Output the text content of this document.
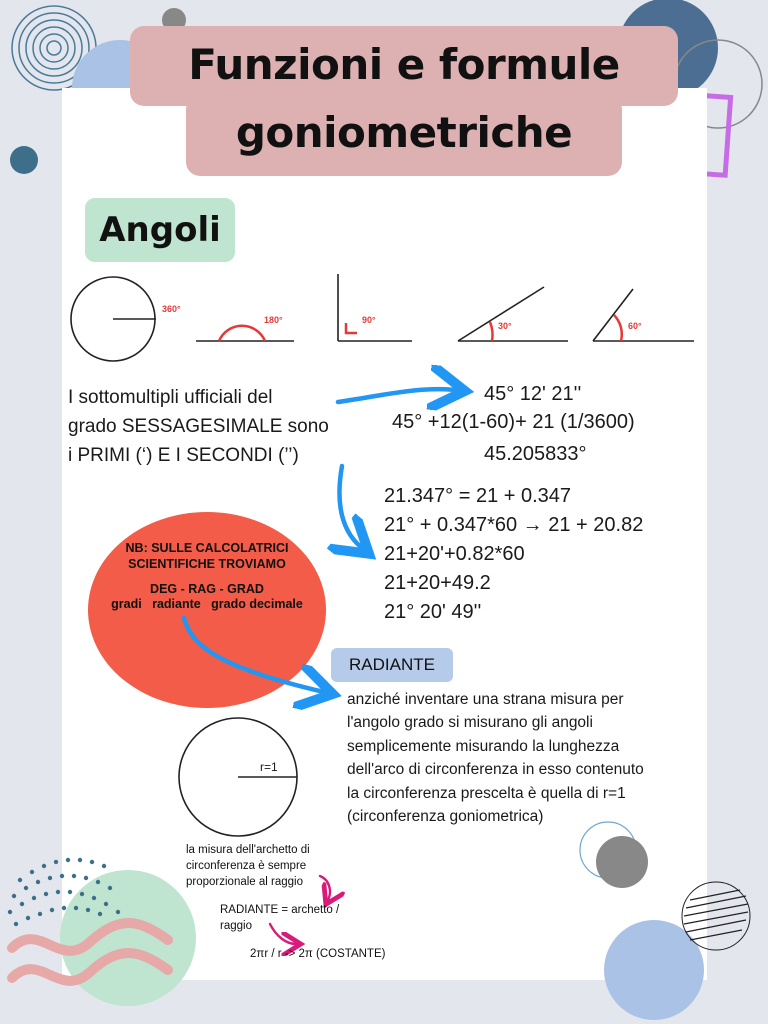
Funzioni e formule
goniometriche
Angoli
360°
180°	90°
30°	60°
I sottomultipli ufficiali del
grado SESSAGESIMALE sono
i PRIMI (‘) E I SECONDI (’’)
45° 12' 21''
45° +12(1-60)+ 21 (1/3600)
45.205833°
21.347° = 21 + 0.347
21° + 0.347*60 → 21 + 20.82
21+20'+0.82*60
21+20+49.2
21° 20' 49''
NB: SULLE CALCOLATRICI
SCIENTIFICHE TROVIAMO
DEG - RAG - GRAD
gradi   radiante   grado decimale
RADIANTE
anziché inventare una strana misura per
l'angolo grado si misurano gli angoli
semplicemente misurando la lunghezza
dell'arco di circonferenza in esso contenuto
la circonferenza prescelta è quella di r=1
(circonferenza goniometrica)
r=1
la misura dell'archetto di
circonferenza è sempre
proporzionale al raggio
RADIANTE = archetto /
raggio
2πr / r -> 2π (COSTANTE)
